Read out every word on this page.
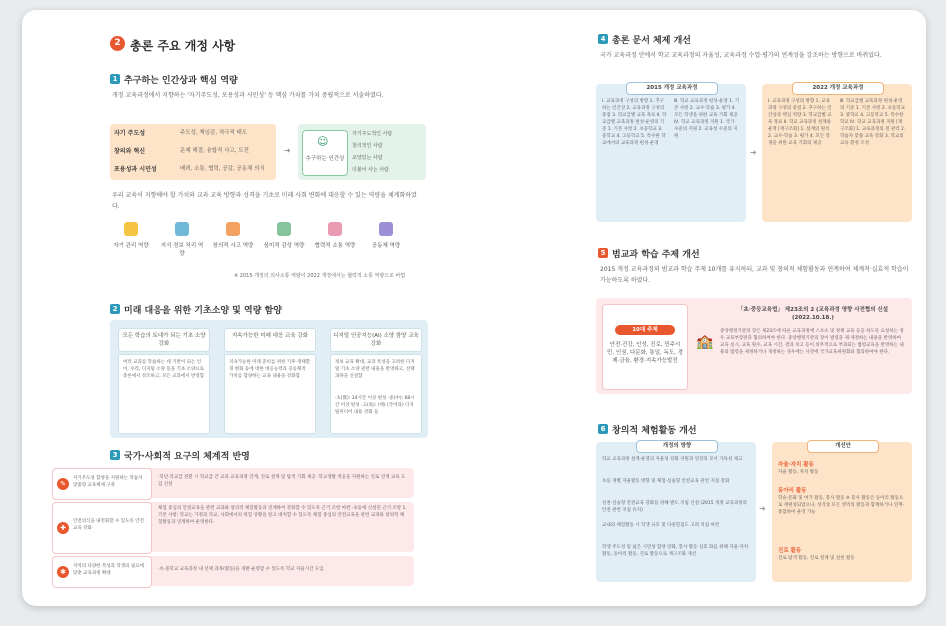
2 총론 주요 개정 사항
1 추구하는 인간상과 핵심 역량
개정 교육과정에서 지향하는 '자기주도성, 포용성과 시민성' 등 핵심 가치를 가치 중립적으로 서술하였다.
자기 주도성	주도성, 책임감, 적극적 태도
창의와 혁신	문제 해결, 융합적 사고, 도전
포용성과 시민성	배려, 소통, 협력, 공감, 공동체 의식
➜
☺
추구하는 인간상
자기주도적인 사람
창의적인 사람
교양있는 사람
더불어 사는 사람
우리 교육이 지향해야 할 가치와 교과 교육 방향과 성격을 기초로 미래 사회 변화에 대응할 수 있는 역량을 체계화하였다.
자기 관리 역량	지식 정보 처리 역량
창의적 사고 역량	심미적 감성 역량	협력적 소통 역량	공동체 역량
※ 2015 개정의 의사소통 역량이 2022 개정에서는 협력적 소통 역량으로 바뀜
2 미래 대응을 위한 기초소양 및 역량 함양
모든 학습의 토대가 되는 기초 소양 강화
여러 교과를 학습하는 데 기반이 되는 언어, 수리, 디지털 소양 등을 기초 소양으로 총론에서 강조하고, 모든 교과에서 반영함
지속가능한 미래 대응 교육 강화
지속가능한 미래 준비를 위한 기후·생태환경 변화 등에 대한 대응능력과 공동체적 가치를 함양하는 교육 내용을 강화함
디지털 인공지능(AI) 소양 함양 교육 강화
정보 교육 확대, 교과 특성을 고려한 디지털 기초 소양 관련 내용을 반영하고, 선택 과목을 신설함
·초(實): 34시간 이상 편성 ·중(中): 68시간 이상 편성 ·고(高): (택) (국어과) 디지털미디어 내용 강화 등
3 국가·사회적 요구의 체계적 반영
✎
자기주도성 함양을 지원하는 학습자 맞춤형 교육체제 구축
·학년·학교급 전환 시 학교급 간 교과 교육과정 연계, 진로 설계 및 탐색 기회 제공 ·학교생활 적응을 지원하는 진로 연계 교육 도입 신설
✚
안전의식을 내면화할 수 있도록 안전교육 강화
체험 중심의 안전교육을 관련 교과와 창의적 체험활동과 연계하여 강화할 수 있도록 근거 조항 마련 ·초등에 신설된 근거 조항 1. 기본 사항: 학교는 가정과 학교, 사회에서의 위험 상황을 알고 대처할 수 있도록 체험 중심의 안전교육을 관련 교과와 창의적 체험활동과 연계하여 운영한다.
✱
지역의 다양한 특성과 학생의 필요에 맞춘 교육과정 확대
·초·중학교 교육과정 내 선택 과목(활동)을 개발·운영할 수 있도록 학교 자율시간 도입
4 총론 문서 체제 개선
국가 교육과정 안에서 학교 교육과정의 자율성, 교육과정 수업·평가의 연계성을 강조하는 방향으로 바뀌었다.
2015 개정 교육과정
Ⅰ. 교육과정 구성의 방향 1. 추구하는 인간상 2. 교육과정 구성의 중점 3. 학교급별 교육 목표 Ⅱ. 학교급별 교육과정 편성·운영의 기준 1. 기본 사항 2. 초등학교 3. 중학교 4. 고등학교 5. 특수한 학교에서의 교육과정 편성·운영
Ⅲ. 학교 교육과정 편성·운영 1. 기본 사항 2. 교수·학습 3. 평가 4. 모든 학생을 위한 교육 기회 제공 Ⅳ. 학교 교육과정 지원 1. 국가 수준의 지원 2. 교육청 수준의 지원
➜
2022 개정 교육과정
Ⅰ. 교육과정 구성의 방향 1. 교육과정 구성의 중점 2. 추구하는 인간상과 핵심 역량 3. 학교급별 교육 목표 Ⅱ. 학교 교육과정 설계와 운영 [재구조화] 1. 설계의 원칙 2. 교수·학습 3. 평가 4. 모든 학생을 위한 교육 기회의 제공
Ⅲ. 학교급별 교육과정 편성·운영의 기준 1. 기본 사항 2. 초등학교 3. 중학교 4. 고등학교 5. 특수한 학교 Ⅳ. 학교 교육과정 지원 [재구조화] 1. 교육과정의 질 관리 2. 학습자 맞춤 교육 강화 3. 학교의 교육 환경 조성
5 범교과 학습 주제 개선
2015 개정 교육과정의 범교과 학습 주제 10개를 유지하되, 교과 및 창의적 체험활동과 연계하여 체계적·실효적 학습이 가능하도록 하였다.
10대 주제
안전·건강, 인성, 진로, 민주시민, 인권, 다문화, 통일, 독도, 경제·금융, 환경·지속가능발전
🏫
「초·중등교육법」 제23조의 2 (교육과정 영향 사전협의 신설(2022.10.18.)
중앙행정기관의 장은 제23조에 따른 교육과정에 스포츠 및 정책 교육 등을 하도록 요청하는 경우 교육부장관과 협의하여야 한다. 중앙행정기관의 장이 법령을 제·개정하는 내용을 반영하여 교육 실시, 교육 횟수, 교육 시간, 결과 보고 등이 의무적으로 부과되는 법령교육을 반영하는 내용의 법령을 제정하거나 개정하는 경우에는 사전에 국가교육위원회와 협의하여야 한다.
6 창의적 체험활동 개선
개정의 방향
학교 교육과정 설계·운영의 자율성 강화 지원과 연장의 모서 가독성 제고
초등 개별 자율활동 방향 및 체험·실습형 안전교육 관련 지침 강화
실천·실습형 안전교육 강화를 위해 발도 지침 신설 (2015 개정 교육과정의 안전 관련 지침 유지)
교내외 체험활동 시 학생 규모 및 다중밀집도 고려 지침 마련
학생 주도성 및 넓은 시민성 함양 강화, 봉사 활동 실효 화를 위해 자율·자치 활동, 동아리 활동, 진로 활동으로 재구조화 개선
➜
개선안
자율·자치 활동
자율 활동, 자치 활동
동아리 활동
학술·문화 및 여가 활동, 봉사 활동 ※ 봉사 활동은 동아리 활동으로 재편성되었으나, 성격상 모든 영역의 활동과 함께하거나 연계·통합하여 운영 가능
진로 활동
진로 탐색 활동, 진로 설계 및 실천 활동
